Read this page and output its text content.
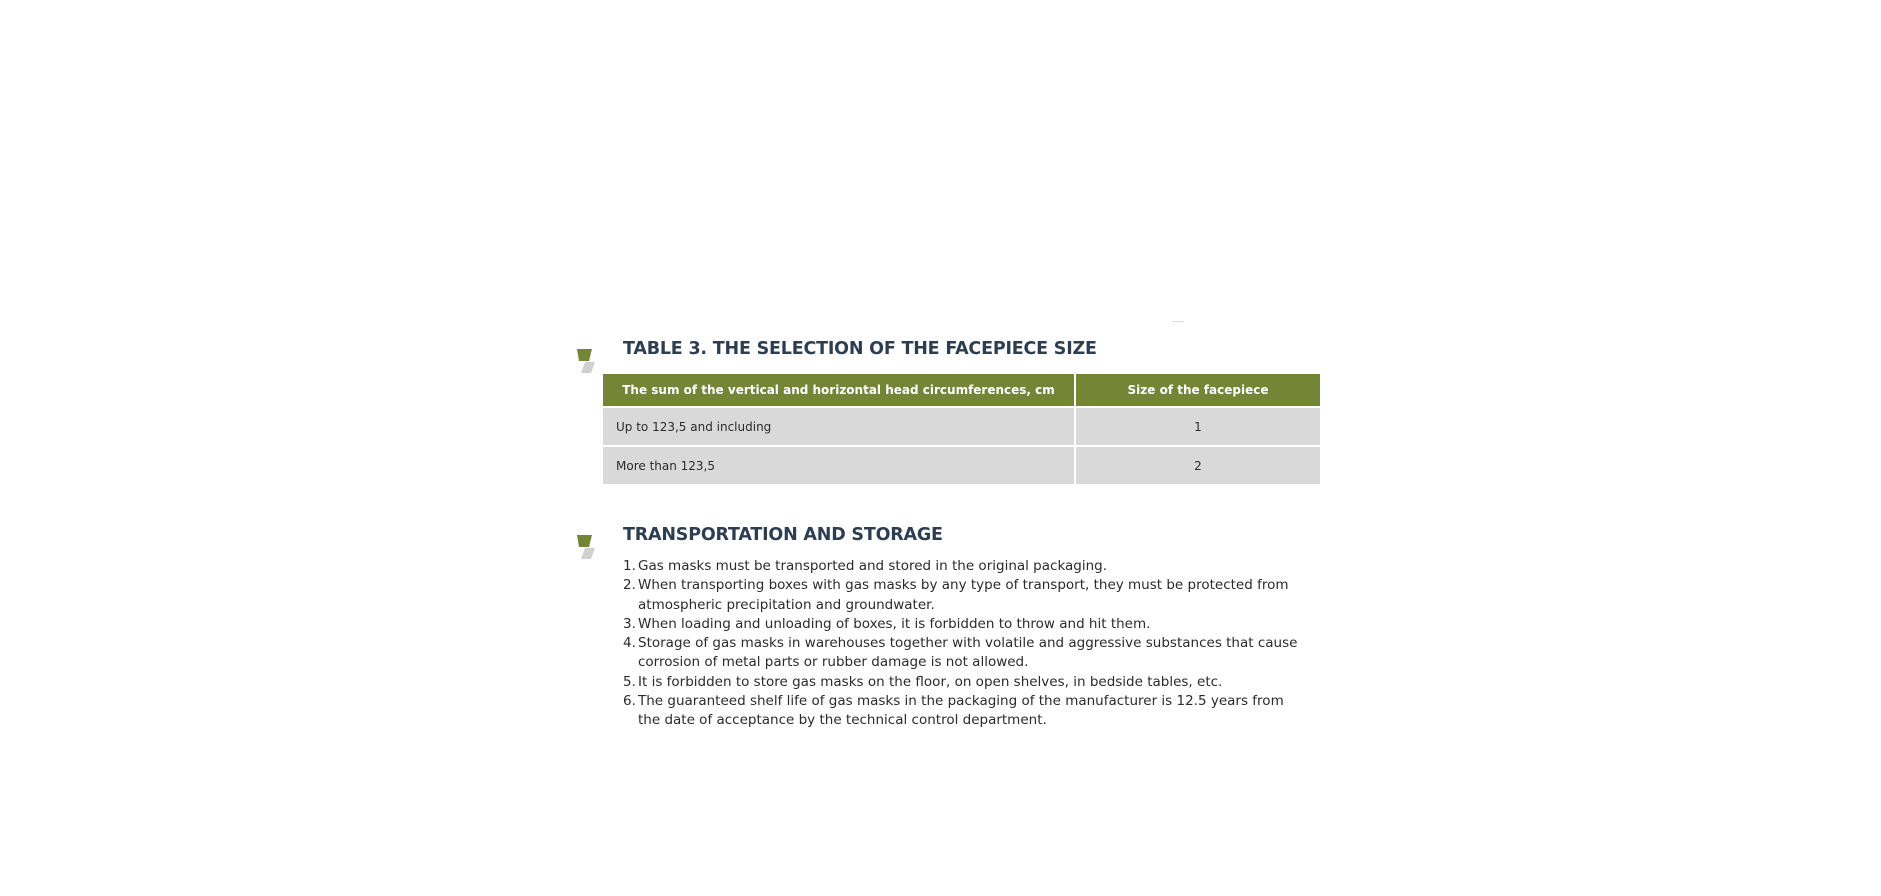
TABLE 3. THE SELECTION OF THE FACEPIECE SIZE
The sum of the vertical and horizontal head circumferences, cm	Size of the facepiece
Up to 123,5 and including	1
More than 123,5	2
TRANSPORTATION AND STORAGE
1. Gas masks must be transported and stored in the original packaging.
2. When transporting boxes with gas masks by any type of transport, they must be protected from atmospheric precipitation and groundwater.
3. When loading and unloading of boxes, it is forbidden to throw and hit them.
4. Storage of gas masks in warehouses together with volatile and aggressive substances that cause corrosion of metal parts or rubber damage is not allowed.
5. It is forbidden to store gas masks on the floor, on open shelves, in bedside tables, etc.
6. The guaranteed shelf life of gas masks in the packaging of the manufacturer is 12.5 years from the date of acceptance by the technical control department.
